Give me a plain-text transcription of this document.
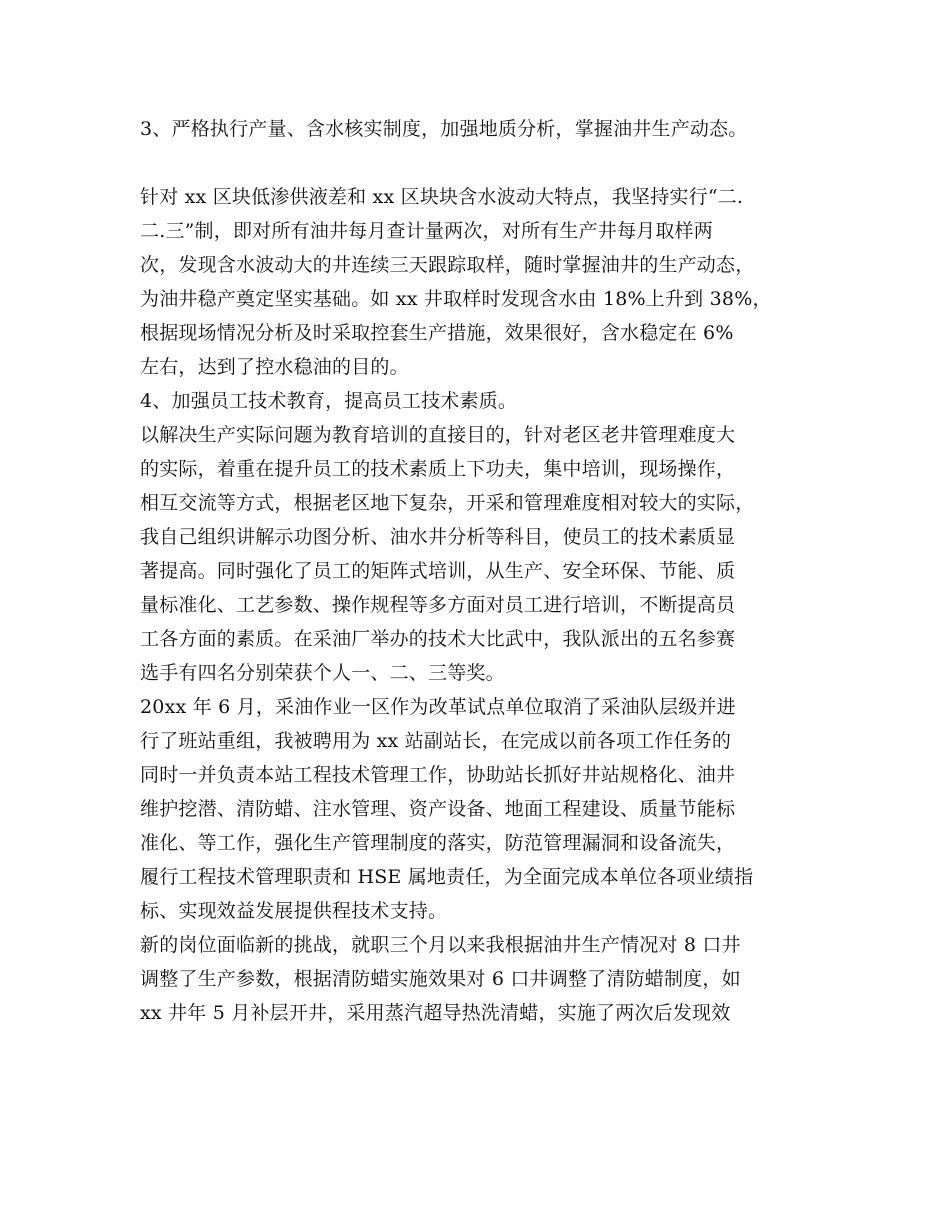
3、严格执行产量、含水核实制度，加强地质分析，掌握油井生产动态。
针对 xx 区块低渗供液差和 xx 区块块含水波动大特点，我坚持实行“二.
二.三”制，即对所有油井每月查计量两次，对所有生产井每月取样两
次，发现含水波动大的井连续三天跟踪取样，随时掌握油井的生产动态，
为油井稳产奠定坚实基础。如 xx 井取样时发现含水由 18%上升到 38%，
根据现场情况分析及时采取控套生产措施，效果很好，含水稳定在 6%
左右，达到了控水稳油的目的。
4、加强员工技术教育，提高员工技术素质。
以解决生产实际问题为教育培训的直接目的，针对老区老井管理难度大
的实际，着重在提升员工的技术素质上下功夫，集中培训，现场操作，
相互交流等方式，根据老区地下复杂，开采和管理难度相对较大的实际，
我自己组织讲解示功图分析、油水井分析等科目，使员工的技术素质显
著提高。同时强化了员工的矩阵式培训，从生产、安全环保、节能、质
量标准化、工艺参数、操作规程等多方面对员工进行培训，不断提高员
工各方面的素质。在采油厂举办的技术大比武中，我队派出的五名参赛
选手有四名分别荣获个人一、二、三等奖。
20xx 年 6 月，采油作业一区作为改革试点单位取消了采油队层级并进
行了班站重组，我被聘用为 xx 站副站长，在完成以前各项工作任务的
同时一并负责本站工程技术管理工作，协助站长抓好井站规格化、油井
维护挖潜、清防蜡、注水管理、资产设备、地面工程建设、质量节能标
准化、等工作，强化生产管理制度的落实，防范管理漏洞和设备流失，
履行工程技术管理职责和 HSE 属地责任，为全面完成本单位各项业绩指
标、实现效益发展提供程技术支持。
新的岗位面临新的挑战，就职三个月以来我根据油井生产情况对 8 口井
调整了生产参数，根据清防蜡实施效果对 6 口井调整了清防蜡制度，如
xx 井年 5 月补层开井，采用蒸汽超导热洗清蜡，实施了两次后发现效
